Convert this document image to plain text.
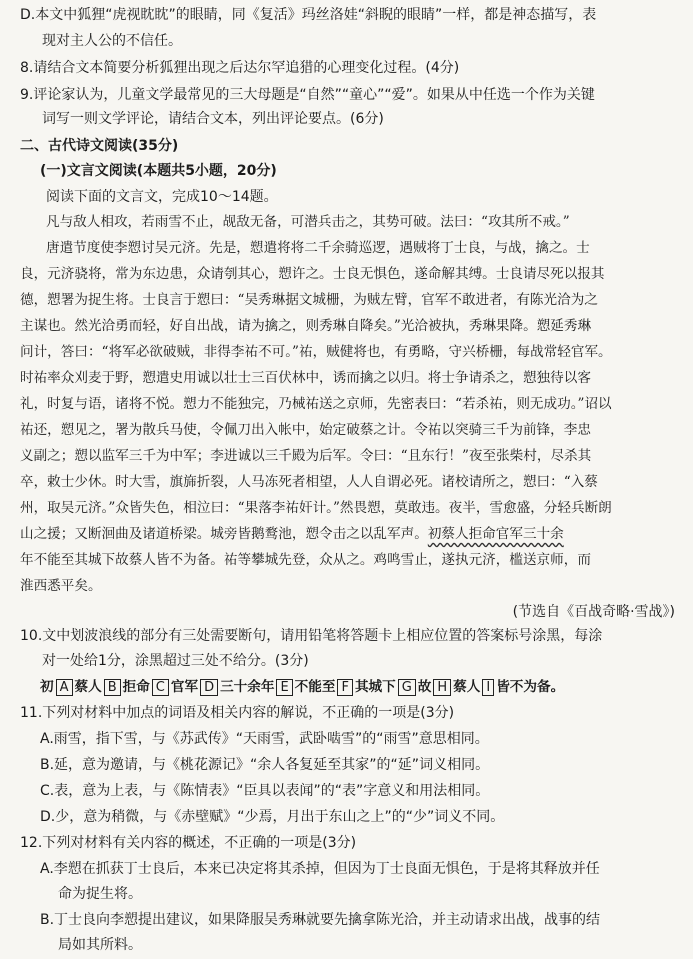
D.本文中狐狸“虎视眈眈”的眼睛，同《复活》玛丝洛娃“斜睨的眼睛”一样，都是神态描写，表
现对主人公的不信任。
8.请结合文本简要分析狐狸出现之后达尔罕追猎的心理变化过程。(4分)
9.评论家认为，儿童文学最常见的三大母题是“自然”“童心”“爱”。如果从中任选一个作为关键
词写一则文学评论，请结合文本，列出评论要点。(6分)
二、古代诗文阅读(35分)
(一)文言文阅读(本题共5小题，20分)
阅读下面的文言文，完成10～14题。
凡与敌人相攻，若雨雪不止，觇敌无备，可潜兵击之，其势可破。法曰：“攻其所不戒。”
唐遣节度使李愬讨吴元济。先是，愬遣将将二千余骑巡逻，遇贼将丁士良，与战，擒之。士
良，元济骁将，常为东边患，众请刳其心，愬许之。士良无惧色，遂命解其缚。士良请尽死以报其
德，愬署为捉生将。士良言于愬曰：“吴秀琳据文城栅，为贼左臂，官军不敢进者，有陈光洽为之
主谋也。然光洽勇而轻，好自出战，请为擒之，则秀琳自降矣。”光洽被执，秀琳果降。愬延秀琳
问计，答曰：“将军必欲破贼，非得李祐不可。”祐，贼健将也，有勇略，守兴桥栅，每战常轻官军。
时祐率众刈麦于野，愬遣史用诚以壮士三百伏林中，诱而擒之以归。将士争请杀之，愬独待以客
礼，时复与语，诸将不悦。愬力不能独完，乃械祐送之京师，先密表曰：“若杀祐，则无成功。”诏以
祐还，愬见之，署为散兵马使，令佩刀出入帐中，始定破蔡之计。令祐以突骑三千为前锋，李忠
义副之；愬以监军三千为中军；李进诚以三千殿为后军。令曰：“且东行！”夜至张柴村，尽杀其
卒，敕士少休。时大雪，旗旆折裂，人马冻死者相望，人人自谓必死。诸校请所之，愬曰：“入蔡
州，取吴元济。”众皆失色，相泣曰：“果落李祐奸计。”然畏愬，莫敢违。夜半，雪愈盛，分轻兵断朗
山之援；又断洄曲及诸道桥梁。城旁皆鹅鹜池，愬令击之以乱军声。初蔡人拒命官军三十余
年不能至其城下故蔡人皆不为备。祐等攀城先登，众从之。鸡鸣雪止，遂执元济，槛送京师，而
淮西悉平矣。
(节选自《百战奇略·雪战》)
10.文中划波浪线的部分有三处需要断句，请用铅笔将答题卡上相应位置的答案标号涂黑，每涂
对一处给1分，涂黑超过三处不给分。(3分)
初 A 蔡人 B 拒命 C 官军 D 三十余年 E 不能至 F 其城下 G 故 H 蔡人 I 皆不为备。
11.下列对材料中加点的词语及相关内容的解说，不正确的一项是(3分)
A.雨雪，指下雪，与《苏武传》“天雨雪，武卧啮雪”的“雨雪”意思相同。
B.延，意为邀请，与《桃花源记》“余人各复延至其家”的“延”词义相同。
C.表，意为上表，与《陈情表》“臣具以表闻”的“表”字意义和用法相同。
D.少，意为稍微，与《赤壁赋》“少焉，月出于东山之上”的“少”词义不同。
12.下列对材料有关内容的概述，不正确的一项是(3分)
A.李愬在抓获丁士良后，本来已决定将其杀掉，但因为丁士良面无惧色，于是将其释放并任
命为捉生将。
B.丁士良向李愬提出建议，如果降服吴秀琳就要先擒拿陈光洽，并主动请求出战，战事的结
局如其所料。
